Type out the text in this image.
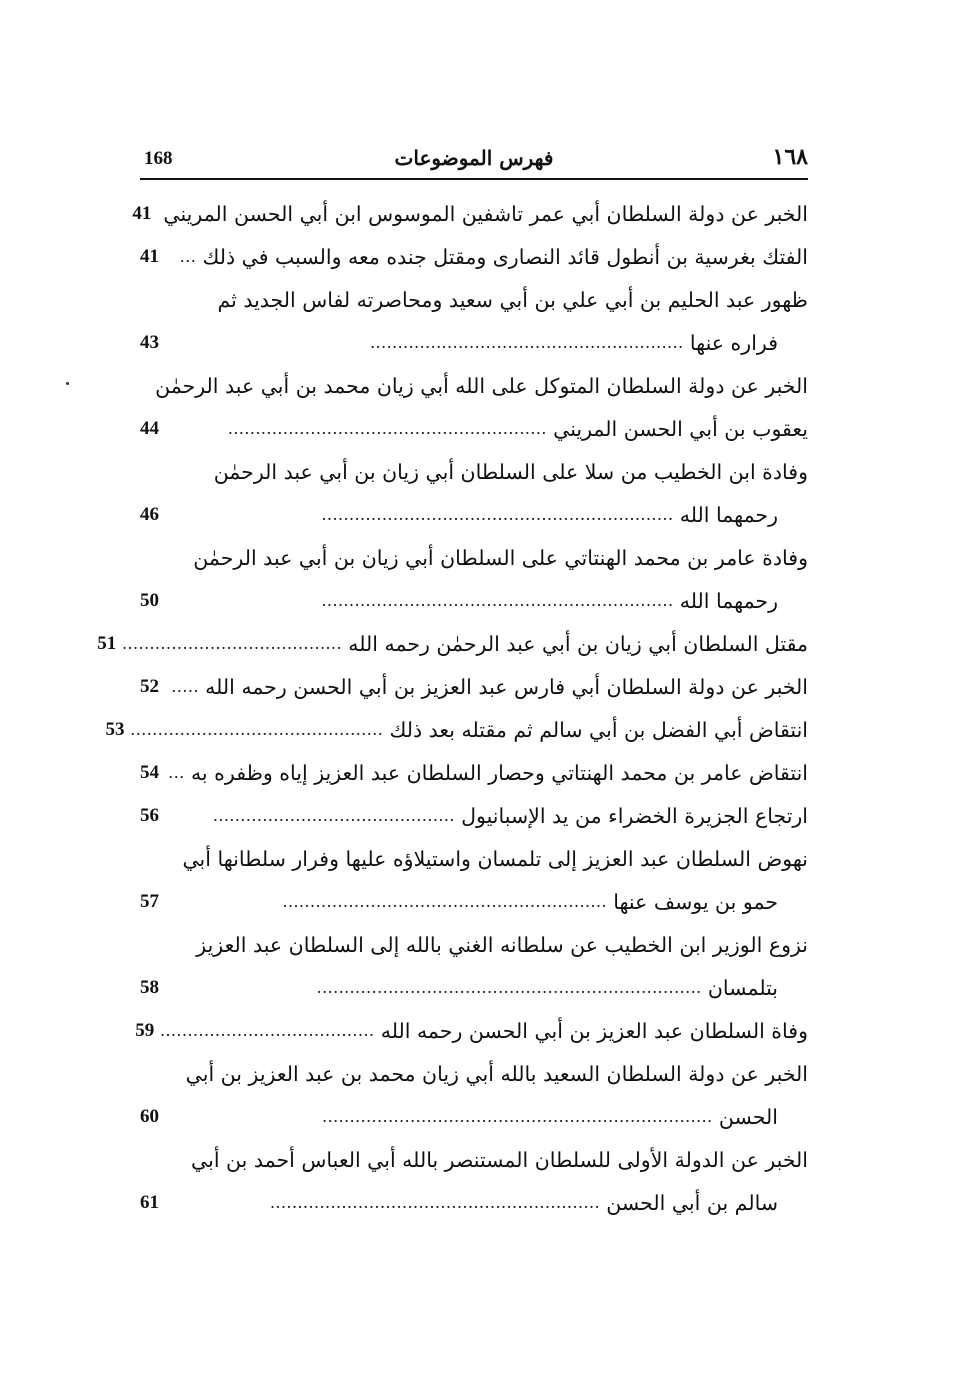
168	فهرس الموضوعات	١٦٨
الخبر عن دولة السلطان أبي عمر تاشفين الموسوس ابن أبي الحسن المريني
41
الفتك بغرسية بن أنطول قائد النصارى ومقتل جنده معه والسبب في ذلك
...
41
ظهور عبد الحليم بن أبي علي بن أبي سعيد ومحاصرته لفاس الجديد ثم
فراره عنها
.........................................................
43
الخبر عن دولة السلطان المتوكل على الله أبي زيان محمد بن أبي عبد الرحمٰن
يعقوب بن أبي الحسن المريني
..........................................................
44
وفادة ابن الخطيب من سلا على السلطان أبي زيان بن أبي عبد الرحمٰن
رحمهما الله
................................................................
46
وفادة عامر بن محمد الهنتاتي على السلطان أبي زيان بن أبي عبد الرحمٰن
رحمهما الله
................................................................
50
مقتل السلطان أبي زيان بن أبي عبد الرحمٰن رحمه الله
........................................
51
الخبر عن دولة السلطان أبي فارس عبد العزيز بن أبي الحسن رحمه الله
.....
52
انتقاض أبي الفضل بن أبي سالم ثم مقتله بعد ذلك
..............................................
53
انتقاض عامر بن محمد الهنتاتي وحصار السلطان عبد العزيز إياه وظفره به
...
54
ارتجاع الجزيرة الخضراء من يد الإسبانيول
............................................
56
نهوض السلطان عبد العزيز إلى تلمسان واستيلاؤه عليها وفرار سلطانها أبي
حمو بن يوسف عنها
...........................................................
57
نزوع الوزير ابن الخطيب عن سلطانه الغني بالله إلى السلطان عبد العزيز
بتلمسان
......................................................................
58
وفاة السلطان عبد العزيز بن أبي الحسن رحمه الله
.......................................
59
الخبر عن دولة السلطان السعيد بالله أبي زيان محمد بن عبد العزيز بن أبي
الحسن
.......................................................................
60
الخبر عن الدولة الأولى للسلطان المستنصر بالله أبي العباس أحمد بن أبي
سالم بن أبي الحسن
............................................................
61
